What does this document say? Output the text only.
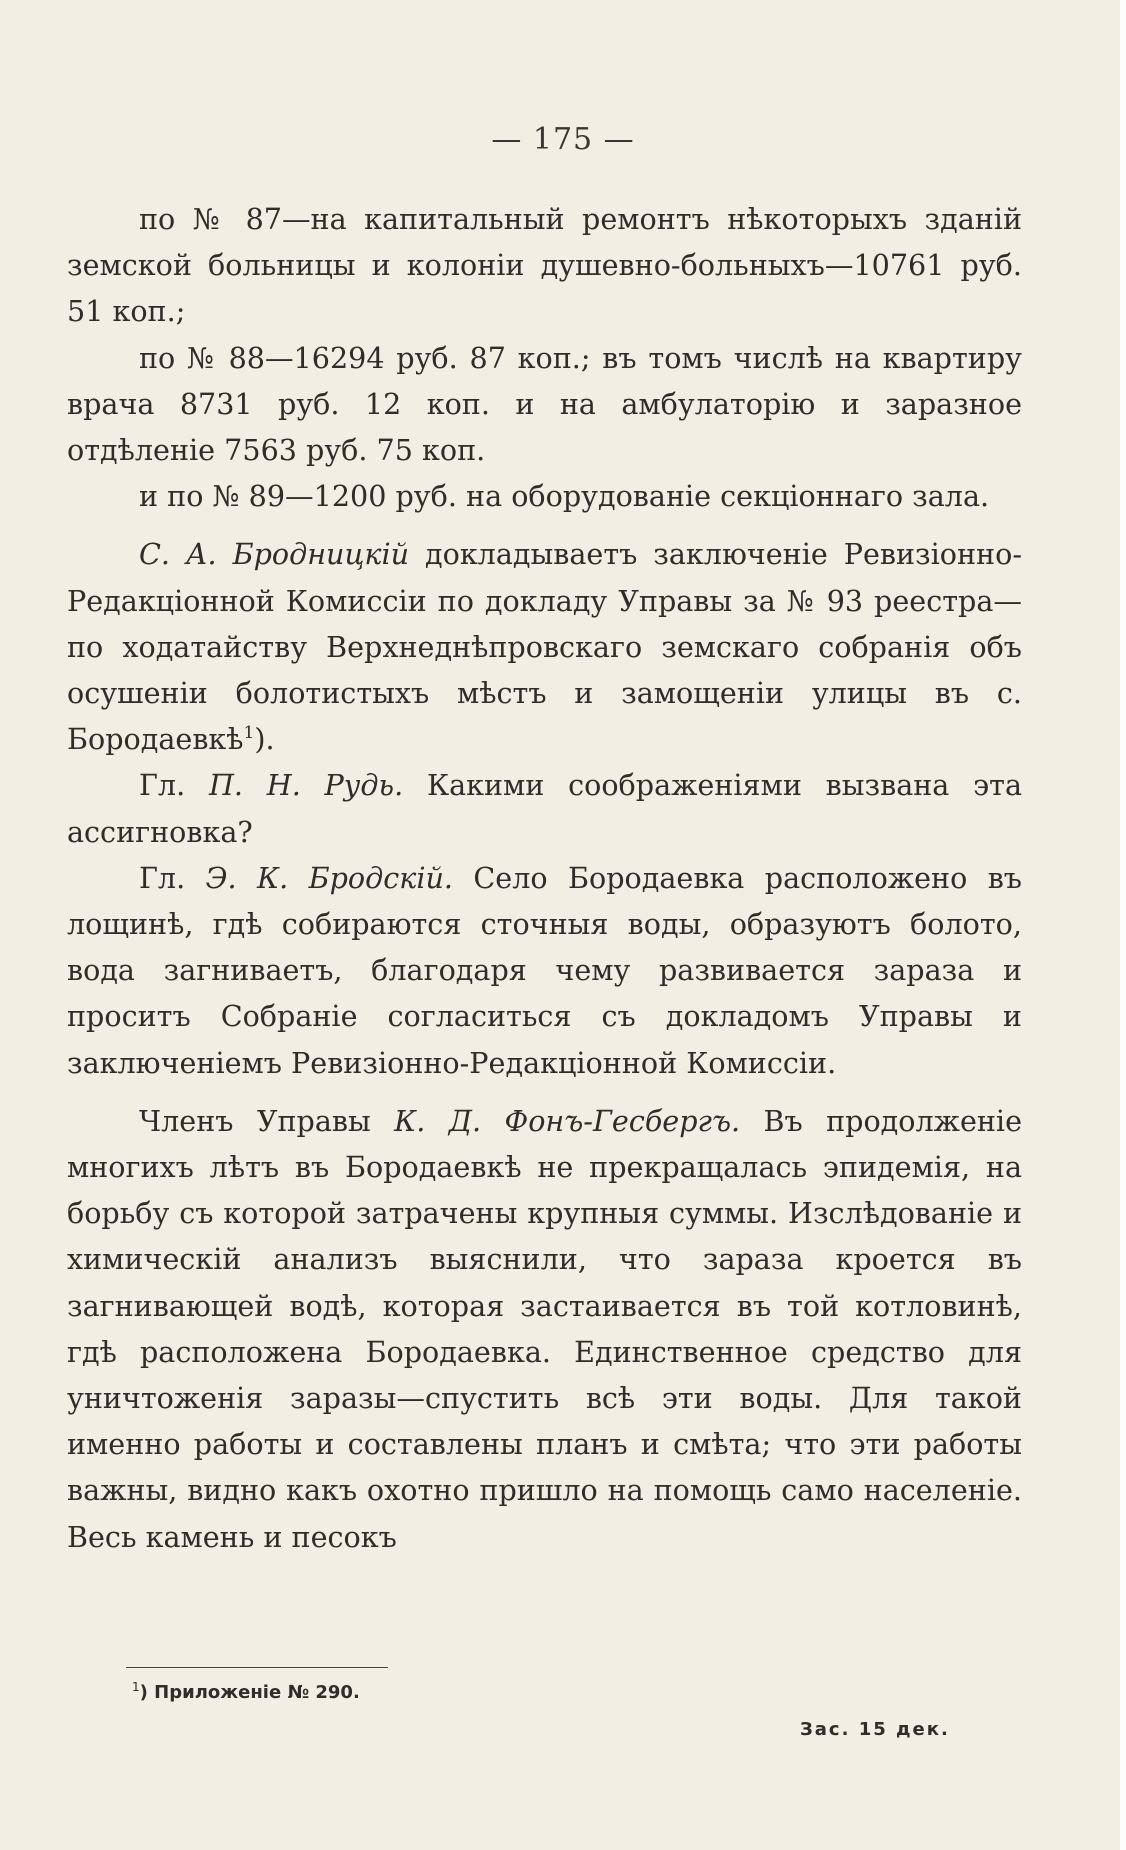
— 175 —

по № 87—на капитальный ремонтъ нѣкоторыхъ зданій земской больницы и колоніи душевно-больныхъ—10761 руб. 51 коп.;

по № 88—16294 руб. 87 коп.; въ томъ числѣ на квартиру врача 8731 руб. 12 коп. и на амбулаторію и заразное отдѣленіе 7563 руб. 75 коп.

и по № 89—1200 руб. на оборудованіе секціоннаго зала.

С. А. Бродницкій докладываетъ заключеніе Ревизіонно-Редакціонной Комиссіи по докладу Управы за № 93 реестра—по ходатайству Верхнеднѣпровскаго земскаго собранія объ осушеніи болотистыхъ мѣстъ и замощеніи улицы въ с. Бородаевкѣ$^1$).

Гл. П. Н. Рудь. Какими соображеніями вызвана эта ассигновка?

Гл. Э. К. Бродскій. Село Бородаевка расположено въ лощинѣ, гдѣ собираются сточныя воды, образуютъ болото, вода загниваетъ, благодаря чему развивается зараза и проситъ Собраніе согласиться съ докладомъ Управы и заключеніемъ Ревизіонно-Редакціонной Комиссіи.

Членъ Управы К. Д. Фонъ-Гесбергъ. Въ продолженіе многихъ лѣтъ въ Бородаевкѣ не прекращалась эпидемія, на борьбу съ которой затрачены крупныя суммы. Изслѣдованіе и химическій анализъ выяснили, что зараза кроется въ загнивающей водѣ, которая застаивается въ той котловинѣ, гдѣ расположена Бородаевка. Единственное средство для уничтоженія заразы—спустить всѣ эти воды. Для такой именно работы и составлены планъ и смѣта; что эти работы важны, видно какъ охотно пришло на помощь само населеніе. Весь камень и песокъ

$^1$) Приложеніе № 290.
Зас. 15 дек.
